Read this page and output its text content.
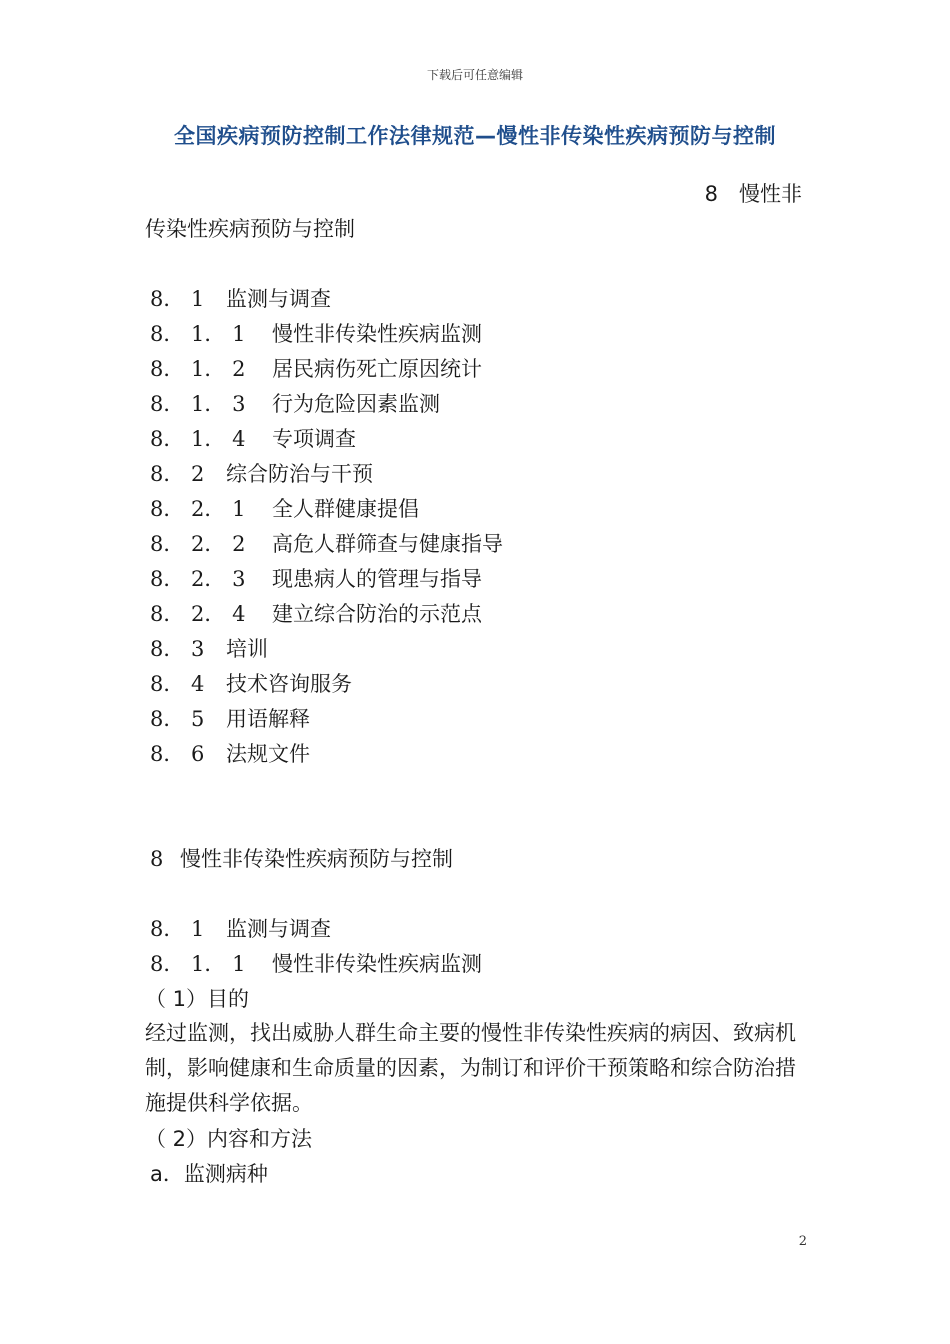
下载后可任意编辑
全国疾病预防控制工作法律规范—慢性非传染性疾病预防与控制
8　慢性非
传染性疾病预防与控制
8． 1 监测与调查
8． 1． 1 慢性非传染性疾病监测
8． 1． 2 居民病伤死亡原因统计
8． 1． 3 行为危险因素监测
8． 1． 4 专项调查
8． 2 综合防治与干预
8． 2． 1 全人群健康提倡
8． 2． 2 高危人群筛查与健康指导
8． 2． 3 现患病人的管理与指导
8． 2． 4 建立综合防治的示范点
8． 3 培训
8． 4 技术咨询服务
8． 5 用语解释
8． 6 法规文件
8 慢性非传染性疾病预防与控制
8． 1 监测与调查
8． 1． 1 慢性非传染性疾病监测
（ 1）目的
经过监测，找出威胁人群生命主要的慢性非传染性疾病的病因、致病机制，影响健康和生命质量的因素，为制订和评价干预策略和综合防治措施提供科学依据。
（ 2）内容和方法
a．监测病种
2
